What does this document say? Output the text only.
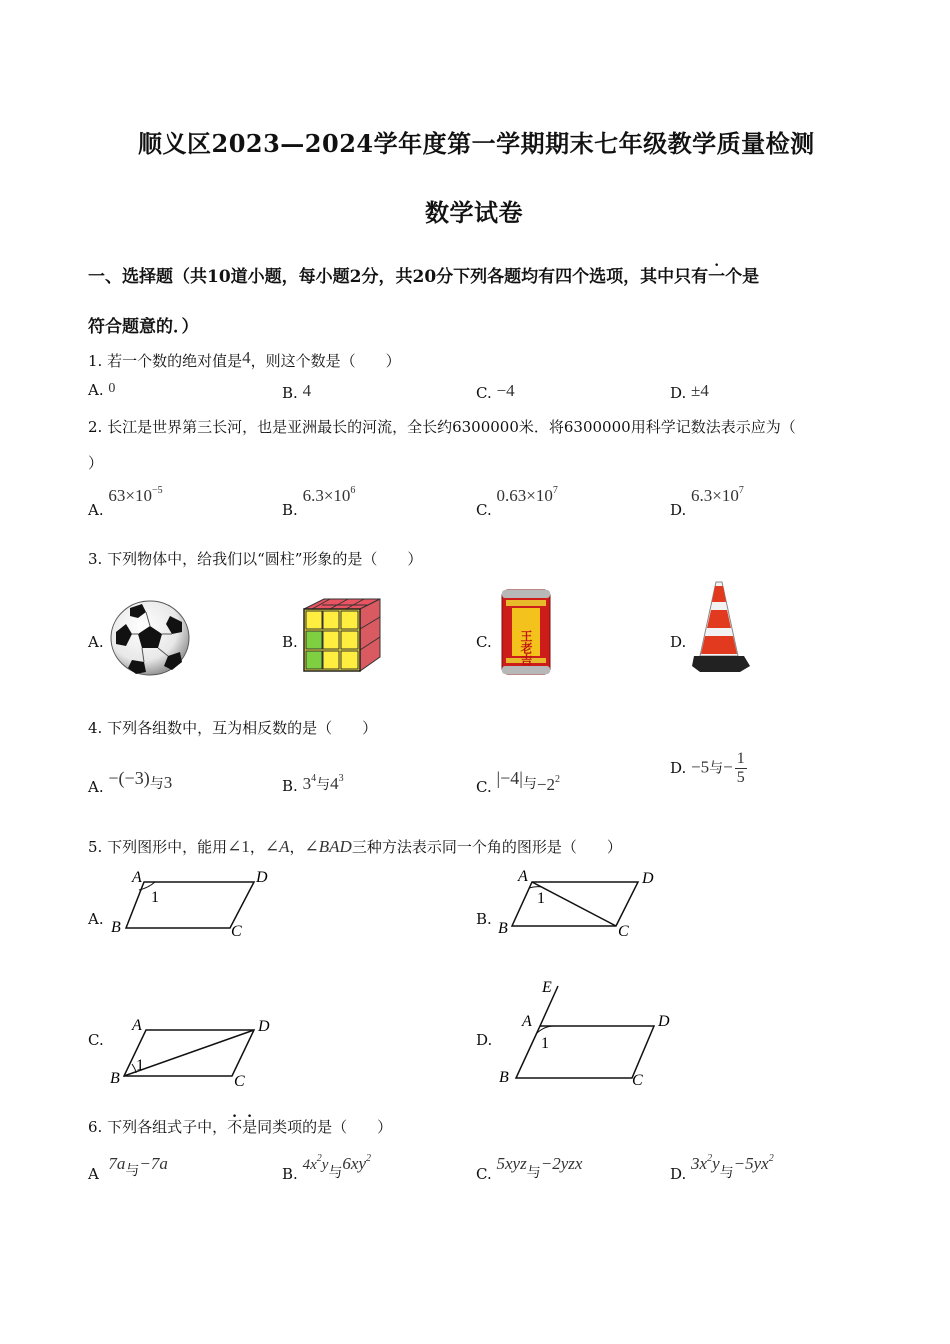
顺义区2023—2024学年度第一学期期末七年级教学质量检测
数学试卷
一、选择题（共10道小题，每小题2分，共20分下列各题均有四个选项，其中只有一个是
符合题意的．）
1. 若一个数的绝对值是4，则这个数是（　　）
A. 0	B. 4	C. −4	D. ±4
2. 长江是世界第三长河，也是亚洲最长的河流，全长约6300000米．将6300000用科学记数法表示应为（
）
A. $63\times 10^{-5}$
B. $6.3\times 10^6$
C. $0.63\times 10^7$
D. $6.3\times 10^7$
3. 下列物体中，给我们以“圆柱”形象的是（　　）
A.	B.	C. 王老吉	D.
4. 下列各组数中，互为相反数的是（　　）
A. −(−3)与3	B. $3^4$与$4^3$	C. |−4|与$-2^2$
D. −5与− $\frac{1}{5}$
5. 下列图形中，能用∠1，∠A，∠BAD三种方法表示同一个角的图形是（　　）
A.
A	D
B	C
1
B.
A	D
B	C
1
C.
A	D
B	C
1
D.
E
A	D
B	C
1
6. 下列各组式子中，不是同类项的是（　　）
A  7a与−7a
B. $4x^2y$与$6xy^2$
C. 5xyz与−2yzx
D. $3x^2y$与$-5yx^2$
